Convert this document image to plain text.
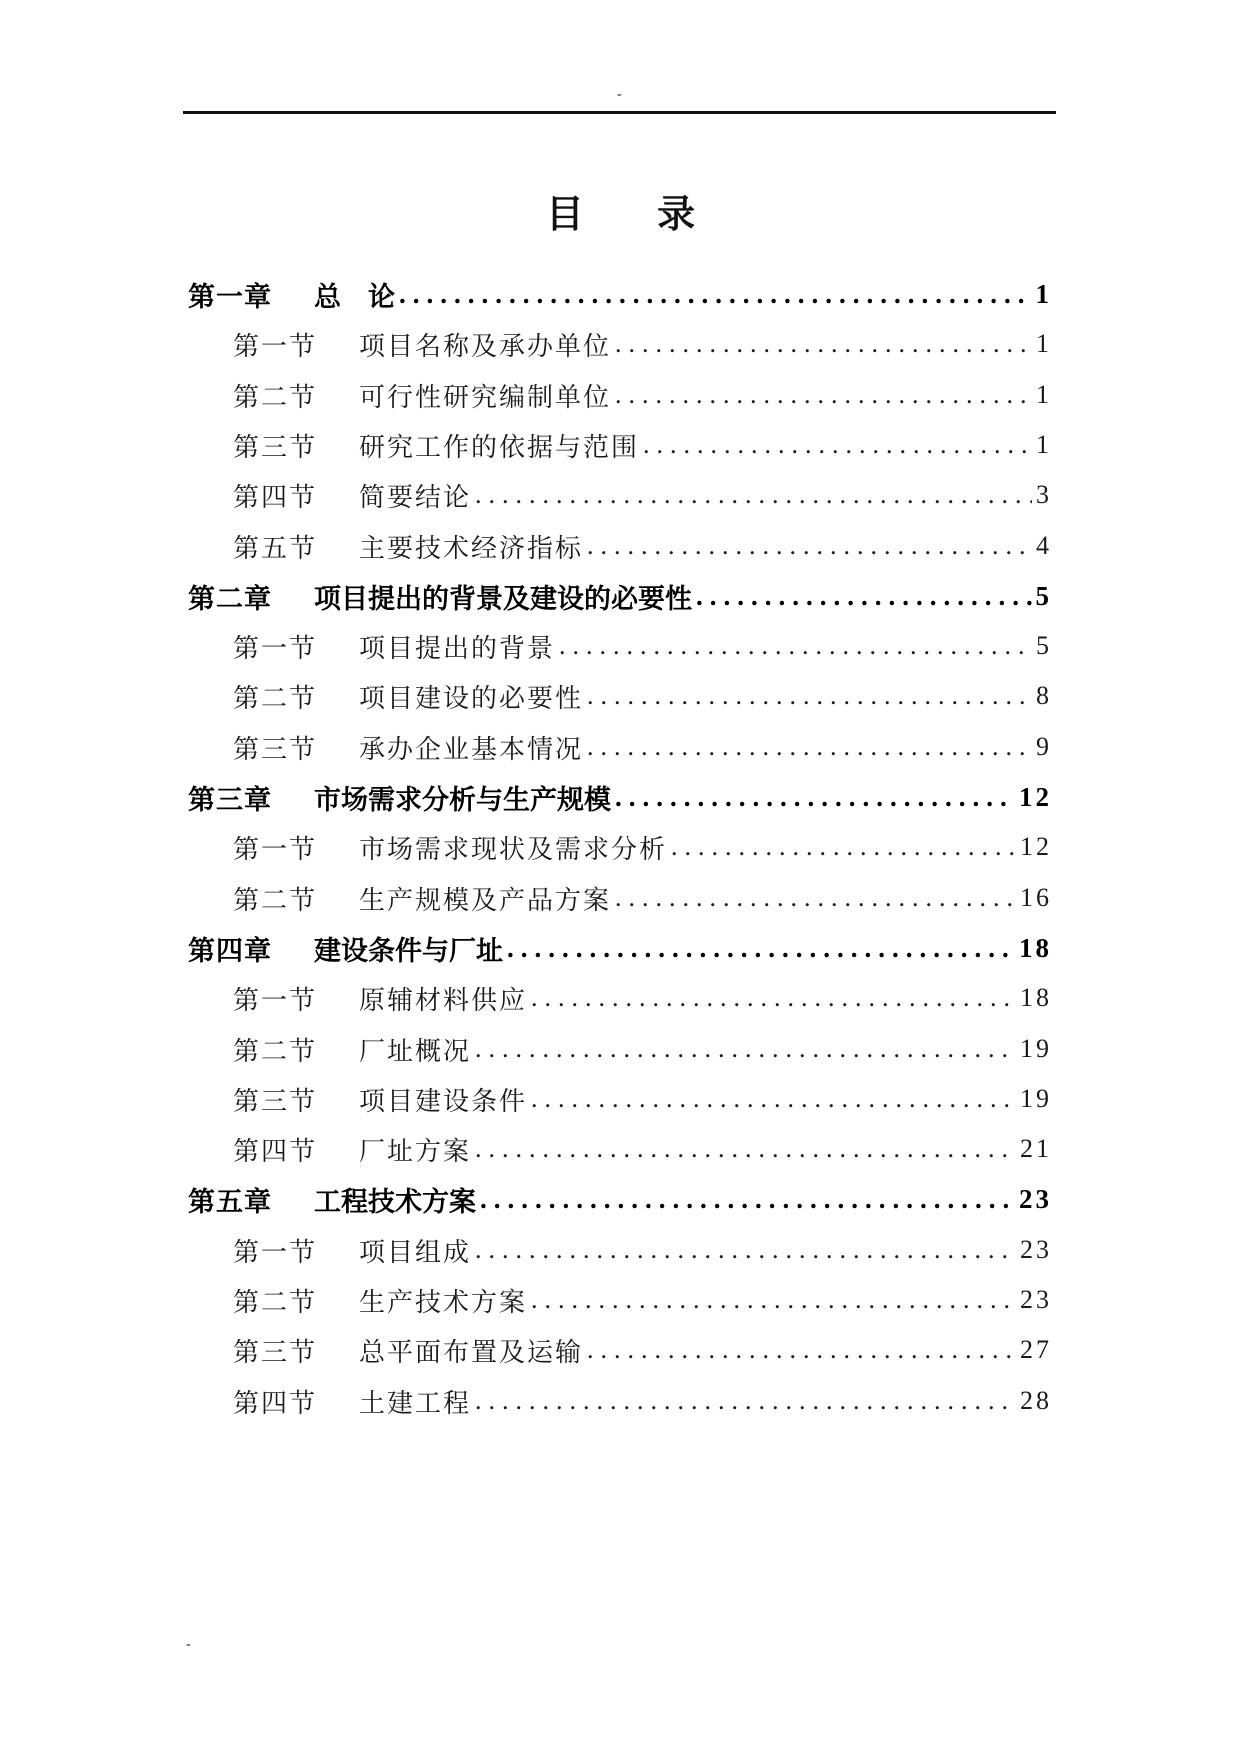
-
目 录
第一章	总　论 .....	1
第一节	项目名称及承办单位 .....	1
第二节	可行性研究编制单位 .....	1
第三节	研究工作的依据与范围 .....	1
第四节	简要结论 .....	3
第五节	主要技术经济指标 .....	4
第二章	项目提出的背景及建设的必要性 .....	5
第一节	项目提出的背景 .....	5
第二节	项目建设的必要性 .....	8
第三节	承办企业基本情况 .....	9
第三章	市场需求分析与生产规模 .....	12
第一节	市场需求现状及需求分析 .....	12
第二节	生产规模及产品方案 .....	16
第四章	建设条件与厂址 .....	18
第一节	原辅材料供应 .....	18
第二节	厂址概况 .....	19
第三节	项目建设条件 .....	19
第四节	厂址方案 .....	21
第五章	工程技术方案 .....	23
第一节	项目组成 .....	23
第二节	生产技术方案 .....	23
第三节	总平面布置及运输 .....	27
第四节	土建工程 .....	28
-
